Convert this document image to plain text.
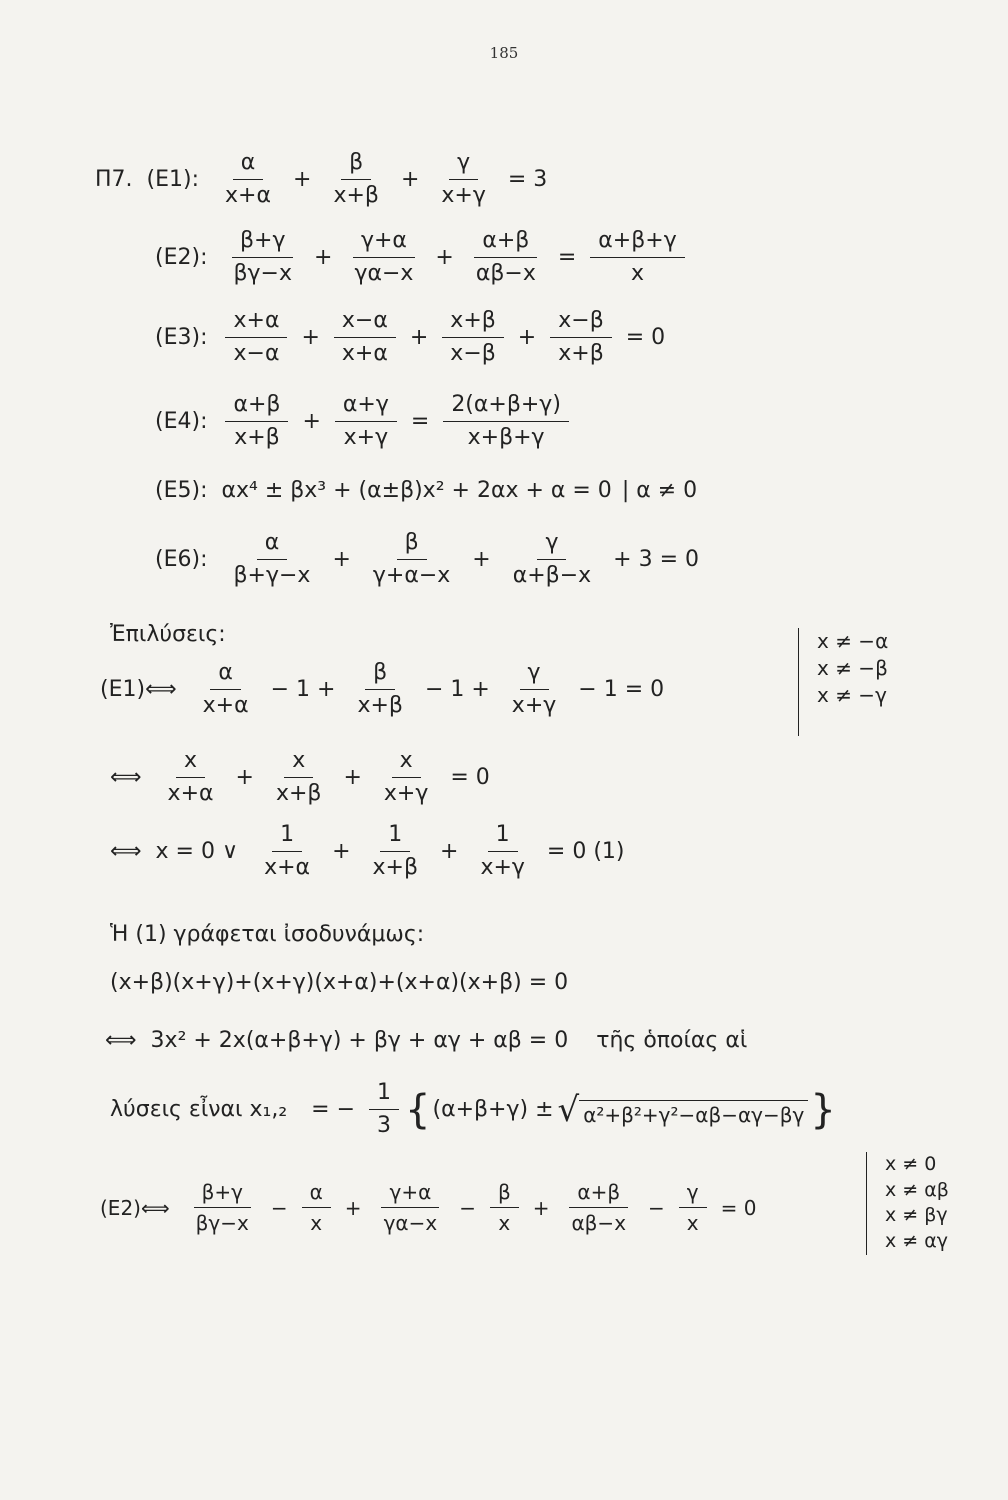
185
Π7. (E1): $\frac{\alpha}{x+\alpha} + \frac{\beta}{x+\beta} + \frac{\gamma}{x+\gamma} = 3$
(E2): $\frac{\beta+\gamma}{\beta\gamma-x} + \frac{\gamma+\alpha}{\gamma\alpha-x} + \frac{\alpha+\beta}{\alpha\beta-x} = \frac{\alpha+\beta+\gamma}{x}$
(E3): $\frac{x+\alpha}{x-\alpha} + \frac{x-\alpha}{x+\alpha} + \frac{x+\beta}{x-\beta} + \frac{x-\beta}{x+\beta} = 0$
(E4): $\frac{\alpha+\beta}{x+\beta} + \frac{\alpha+\gamma}{x+\gamma} = \frac{2(\alpha+\beta+\gamma)}{x+\beta+\gamma}$
(E5): αx⁴ ± βx³ + (α±β)x² + 2αx + α = 0 | α ≠ 0
(E6): $\frac{\alpha}{\beta+\gamma-x} + \frac{\beta}{\gamma+\alpha-x} + \frac{\gamma}{\alpha+\beta-x} + 3 = 0$
Ἐπιλύσεις:
(E1)⟺ $\frac{\alpha}{x+\alpha} - 1 + \frac{\beta}{x+\beta} - 1 + \frac{\gamma}{x+\gamma} - 1 = 0$
x ≠ −α
x ≠ −β
x ≠ −γ
⟺ $\frac{x}{x+\alpha} + \frac{x}{x+\beta} + \frac{x}{x+\gamma} = 0$
⟺ x = 0 ∨ $\frac{1}{x+\alpha} + \frac{1}{x+\beta} + \frac{1}{x+\gamma} = 0$ (1)
Ἡ (1) γράφεται ἰσοδυνάμως:
(x+β)(x+γ)+(x+γ)(x+α)+(x+α)(x+β) = 0
⟺ 3x² + 2x(α+β+γ) + βγ + αγ + αβ = 0 τῆς ὁποίας αἱ
λύσεις εἶναι x₁,₂ = − $\frac{1}{3}$ { (α+β+γ) ± √ α²+β²+γ²−αβ−αγ−βγ }
(E2)⟺ $\frac{\beta+\gamma}{\beta\gamma-x} - \frac{\alpha}{x} + \frac{\gamma+\alpha}{\gamma\alpha-x} - \frac{\beta}{x} + \frac{\alpha+\beta}{\alpha\beta-x} - \frac{\gamma}{x} = 0$
x ≠ 0
x ≠ αβ
x ≠ βγ
x ≠ αγ
